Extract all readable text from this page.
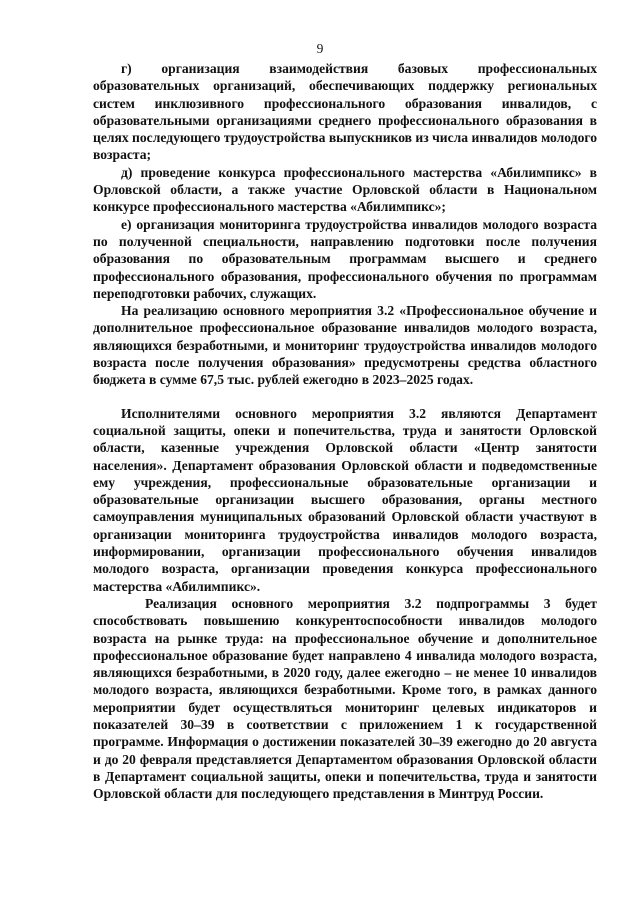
9

г) организация взаимодействия базовых профессиональных образовательных организаций, обеспечивающих поддержку региональных систем инклюзивного профессионального образования инвалидов, с образовательными организациями среднего профессионального образования в целях последующего трудоустройства выпускников из числа инвалидов молодого возраста;

д) проведение конкурса профессионального мастерства «Абилимпикс» в Орловской области, а также участие Орловской области в Национальном конкурсе профессионального мастерства «Абилимпикс»;

е) организация мониторинга трудоустройства инвалидов молодого возраста по полученной специальности, направлению подготовки после получения образования по образовательным программам высшего и среднего профессионального образования, профессионального обучения по программам переподготовки рабочих, служащих.

На реализацию основного мероприятия 3.2 «Профессиональное обучение и дополнительное профессиональное образование инвалидов молодого возраста, являющихся безработными, и мониторинг трудоустройства инвалидов молодого возраста после получения образования» предусмотрены средства областного бюджета в сумме 67,5 тыс. рублей ежегодно в 2023–2025 годах.

Исполнителями основного мероприятия 3.2 являются Департамент социальной защиты, опеки и попечительства, труда и занятости Орловской области, казенные учреждения Орловской области «Центр занятости населения». Департамент образования Орловской области и подведомственные ему учреждения, профессиональные образовательные организации и образовательные организации высшего образования, органы местного самоуправления муниципальных образований Орловской области участвуют в организации мониторинга трудоустройства инвалидов молодого возраста, информировании, организации профессионального обучения инвалидов молодого возраста, организации проведения конкурса профессионального мастерства «Абилимпикс».

Реализация основного мероприятия 3.2 подпрограммы 3 будет способствовать повышению конкурентоспособности инвалидов молодого возраста на рынке труда: на профессиональное обучение и дополнительное профессиональное образование будет направлено 4 инвалида молодого возраста, являющихся безработными, в 2020 году, далее ежегодно – не менее 10 инвалидов молодого возраста, являющихся безработными. Кроме того, в рамках данного мероприятии будет осуществляться мониторинг целевых индикаторов и показателей 30–39 в соответствии с приложением 1 к государственной программе. Информация о достижении показателей 30–39 ежегодно до 20 августа и до 20 февраля представляется Департаментом образования Орловской области в Департамент социальной защиты, опеки и попечительства, труда и занятости Орловской области для последующего представления в Минтруд России.
